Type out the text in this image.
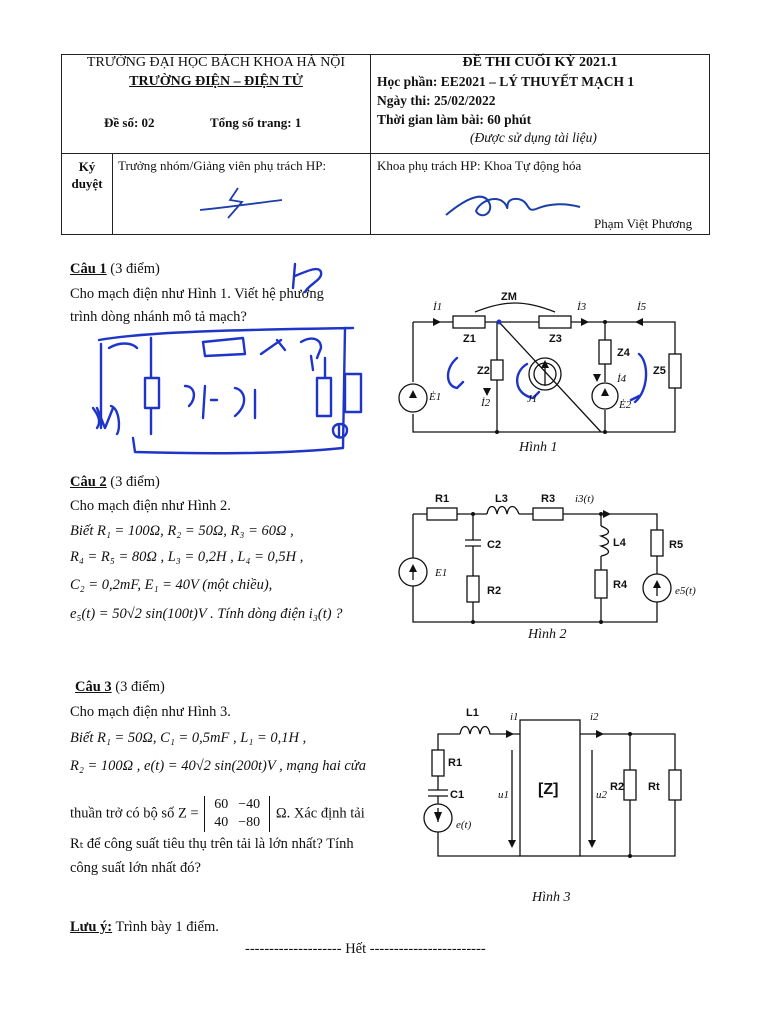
TRƯỜNG ĐẠI HỌC BÁCH KHOA HÀ NỘI
TRƯỜNG ĐIỆN – ĐIỆN TỬ
Đề số: 02	Tổng số trang: 1
ĐỀ THI CUỐI KỲ 2021.1
Học phần: EE2021 – LÝ THUYẾT MẠCH 1
Ngày thi: 25/02/2022
Thời gian làm bài: 60 phút
(Được sử dụng tài liệu)
Ký duyệt
Trưởng nhóm/Giảng viên phụ trách HP:	Khoa phụ trách HP: Khoa Tự động hóa
Phạm Việt Phương
Câu 1 (3 điểm)
Cho mạch điện như Hình 1. Viết hệ phương
trình dòng nhánh mô tả mạch?
ZM
Z1
Z2
Z3
Z4
Z5
İ1
İ2
İ3
İ4
İ5
J1
Ė1
Ė2
Hình 1
Câu 2 (3 điểm)
Cho mạch điện như Hình 2.
Biết R₁ = 100Ω, R₂ = 50Ω, R₃ = 60Ω ,
R₄ = R₅ = 80Ω , L₃ = 0,2H , L₄ = 0,5H ,
C₂ = 0,2mF, E₁ = 40V (một chiều),
e₅(t) = 50√2 sin(100t)V . Tính dòng điện i₃(t) ?
R1	L3	R3 i3(t)
C2	L4	R5
E1
R2	R4	e5(t)
Hình 2
Câu 3 (3 điểm)
Cho mạch điện như Hình 3.
Biết R₁ = 50Ω, C₁ = 0,5mF , L₁ = 0,1H ,
R₂ = 100Ω , e(t) = 40√2 sin(200t)V , mạng hai cửa
thuần trở có bộ số Z =
60 −40
40 −80
Ω. Xác định tải
Rₜ để công suất tiêu thụ trên tải là lớn nhất? Tính
công suất lớn nhất đó?
L1	i1	i2
R1
C1
e(t)
u1	u2
[Z]	R2 Rt
Hình 3
Lưu ý: Trình bày 1 điểm.
-------------------- Hết ------------------------
